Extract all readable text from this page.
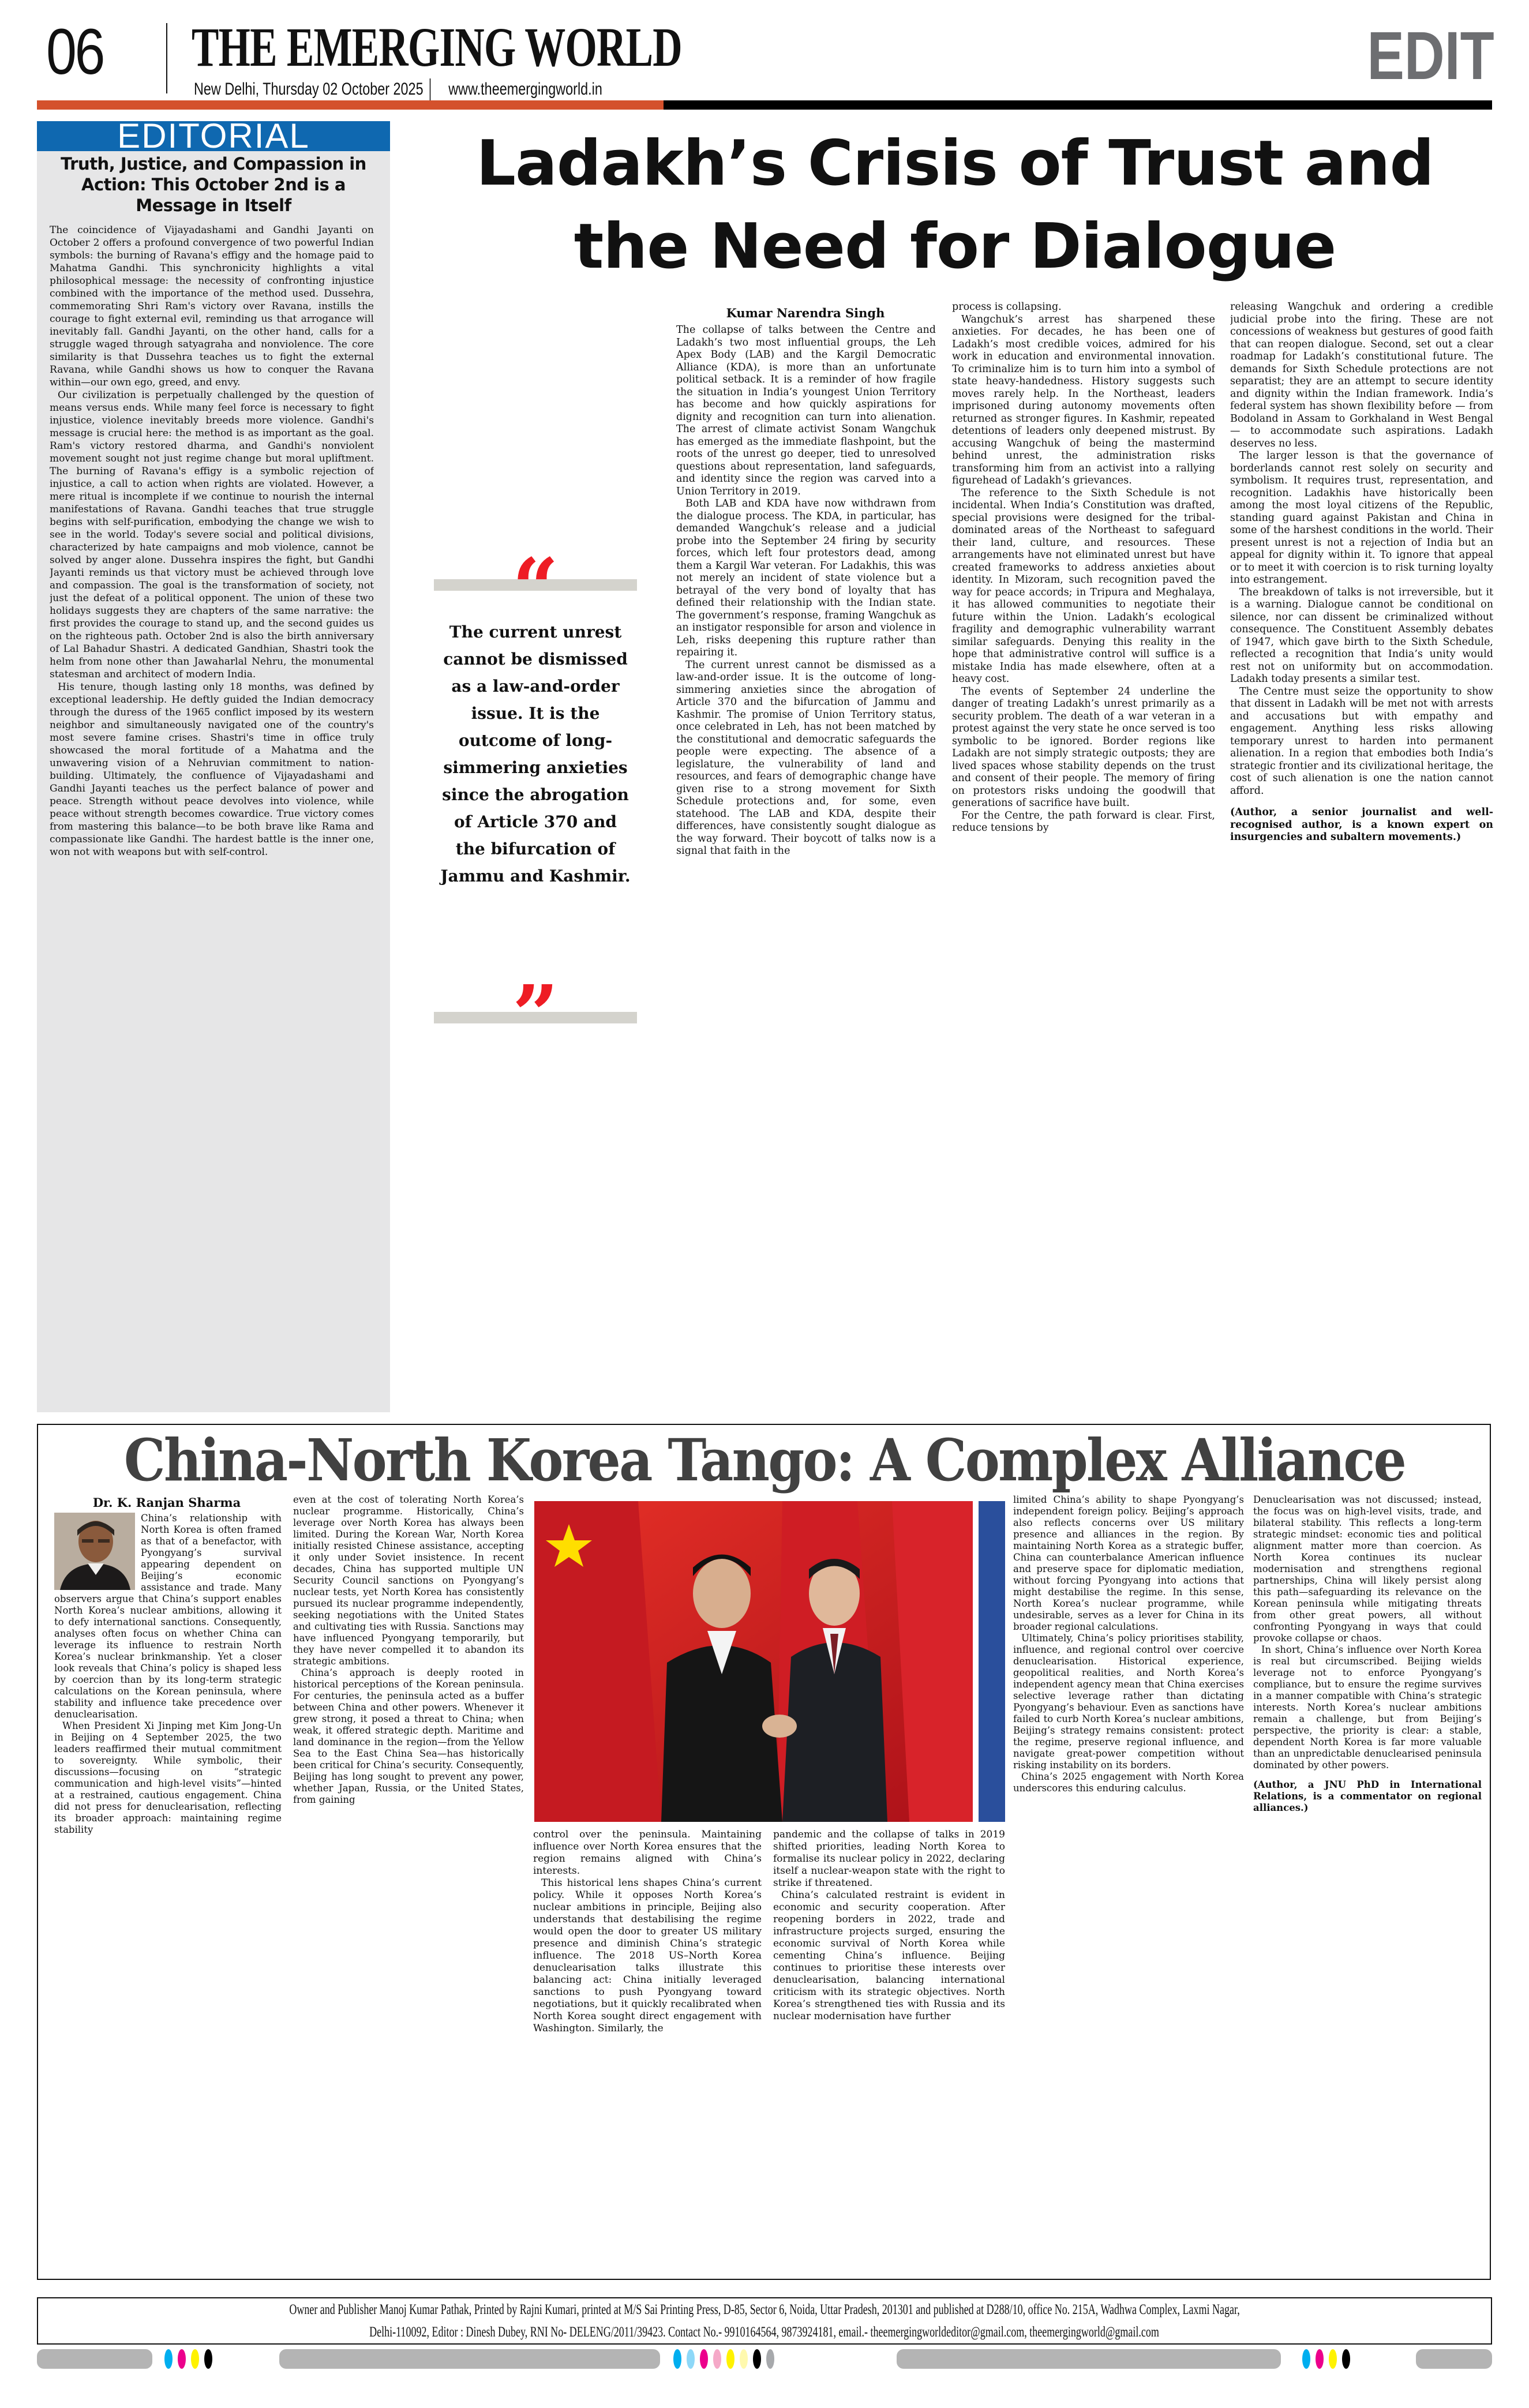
06 THE EMERGING WORLD
New Delhi, Thursday 02 October 2025 www.theemergingworld.in	EDIT
EDITORIAL
Truth, Justice, and Compassion in Action: This October 2nd is a Message in Itself

The coincidence of Vijayadashami and Gandhi Jayanti on October 2 offers a profound convergence of two powerful Indian symbols: the burning of Ravana's effigy and the homage paid to Mahatma Gandhi. This synchronicity highlights a vital philosophical message: the necessity of confronting injustice combined with the importance of the method used. Dussehra, commemorating Shri Ram's victory over Ravana, instills the courage to fight external evil, reminding us that arrogance will inevitably fall. Gandhi Jayanti, on the other hand, calls for a struggle waged through satyagraha and nonviolence. The core similarity is that Dussehra teaches us to fight the external Ravana, while Gandhi shows us how to conquer the Ravana within—our own ego, greed, and envy.

Our civilization is perpetually challenged by the question of means versus ends. While many feel force is necessary to fight injustice, violence inevitably breeds more violence. Gandhi's message is crucial here: the method is as important as the goal. Ram's victory restored dharma, and Gandhi's nonviolent movement sought not just regime change but moral upliftment. The burning of Ravana's effigy is a symbolic rejection of injustice, a call to action when rights are violated. However, a mere ritual is incomplete if we continue to nourish the internal manifestations of Ravana. Gandhi teaches that true struggle begins with self-purification, embodying the change we wish to see in the world. Today's severe social and political divisions, characterized by hate campaigns and mob violence, cannot be solved by anger alone. Dussehra inspires the fight, but Gandhi Jayanti reminds us that victory must be achieved through love and compassion. The goal is the transformation of society, not just the defeat of a political opponent. The union of these two holidays suggests they are chapters of the same narrative: the first provides the courage to stand up, and the second guides us on the righteous path. October 2nd is also the birth anniversary of Lal Bahadur Shastri. A dedicated Gandhian, Shastri took the helm from none other than Jawaharlal Nehru, the monumental statesman and architect of modern India.

His tenure, though lasting only 18 months, was defined by exceptional leadership. He deftly guided the Indian democracy through the duress of the 1965 conflict imposed by its western neighbor and simultaneously navigated one of the country's most severe famine crises. Shastri's time in office truly showcased the moral fortitude of a Mahatma and the unwavering vision of a Nehruvian commitment to nation-building. Ultimately, the confluence of Vijayadashami and Gandhi Jayanti teaches us the perfect balance of power and peace. Strength without peace devolves into violence, while peace without strength becomes cowardice. True victory comes from mastering this balance—to be both brave like Rama and compassionate like Gandhi. The hardest battle is the inner one, won not with weapons but with self-control.

Ladakh’s Crisis of Trust and the Need for Dialogue
“
The current unrest cannot be dismissed as a law-and-order issue. It is the outcome of long-simmering anxieties since the abrogation of Article 370 and the bifurcation of Jammu and Kashmir.
”
Kumar Narendra Singh

The collapse of talks between the Centre and Ladakh’s two most influential groups, the Leh Apex Body (LAB) and the Kargil Democratic Alliance (KDA), is more than an unfortunate political setback. It is a reminder of how fragile the situation in India’s youngest Union Territory has become and how quickly aspirations for dignity and recognition can turn into alienation. The arrest of climate activist Sonam Wangchuk has emerged as the immediate flashpoint, but the roots of the unrest go deeper, tied to unresolved questions about representation, land safeguards, and identity since the region was carved into a Union Territory in 2019.

Both LAB and KDA have now withdrawn from the dialogue process. The KDA, in particular, has demanded Wangchuk’s release and a judicial probe into the September 24 firing by security forces, which left four protestors dead, among them a Kargil War veteran. For Ladakhis, this was not merely an incident of state violence but a betrayal of the very bond of loyalty that has defined their relationship with the Indian state. The government’s response, framing Wangchuk as an instigator responsible for arson and violence in Leh, risks deepening this rupture rather than repairing it.

The current unrest cannot be dismissed as a law-and-order issue. It is the outcome of long-simmering anxieties since the abrogation of Article 370 and the bifurcation of Jammu and Kashmir. The promise of Union Territory status, once celebrated in Leh, has not been matched by the constitutional and democratic safeguards the people were expecting. The absence of a legislature, the vulnerability of land and resources, and fears of demographic change have given rise to a strong movement for Sixth Schedule protections and, for some, even statehood. The LAB and KDA, despite their differences, have consistently sought dialogue as the way forward. Their boycott of talks now is a signal that faith in the

process is collapsing.

Wangchuk’s arrest has sharpened these anxieties. For decades, he has been one of Ladakh’s most credible voices, admired for his work in education and environmental innovation. To criminalize him is to turn him into a symbol of state heavy-handedness. History suggests such moves rarely help. In the Northeast, leaders imprisoned during autonomy movements often returned as stronger figures. In Kashmir, repeated detentions of leaders only deepened mistrust. By accusing Wangchuk of being the mastermind behind unrest, the administration risks transforming him from an activist into a rallying figurehead of Ladakh’s grievances.

The reference to the Sixth Schedule is not incidental. When India’s Constitution was drafted, special provisions were designed for the tribal-dominated areas of the Northeast to safeguard their land, culture, and resources. These arrangements have not eliminated unrest but have created frameworks to address anxieties about identity. In Mizoram, such recognition paved the way for peace accords; in Tripura and Meghalaya, it has allowed communities to negotiate their future within the Union. Ladakh’s ecological fragility and demographic vulnerability warrant similar safeguards. Denying this reality in the hope that administrative control will suffice is a mistake India has made elsewhere, often at a heavy cost.

The events of September 24 underline the danger of treating Ladakh’s unrest primarily as a security problem. The death of a war veteran in a protest against the very state he once served is too symbolic to be ignored. Border regions like Ladakh are not simply strategic outposts; they are lived spaces whose stability depends on the trust and consent of their people. The memory of firing on protestors risks undoing the goodwill that generations of sacrifice have built.

For the Centre, the path forward is clear. First, reduce tensions by

releasing Wangchuk and ordering a credible judicial probe into the firing. These are not concessions of weakness but gestures of good faith that can reopen dialogue. Second, set out a clear roadmap for Ladakh’s constitutional future. The demands for Sixth Schedule protections are not separatist; they are an attempt to secure identity and dignity within the Indian framework. India’s federal system has shown flexibility before — from Bodoland in Assam to Gorkhaland in West Bengal — to accommodate such aspirations. Ladakh deserves no less.

The larger lesson is that the governance of borderlands cannot rest solely on security and symbolism. It requires trust, representation, and recognition. Ladakhis have historically been among the most loyal citizens of the Republic, standing guard against Pakistan and China in some of the harshest conditions in the world. Their present unrest is not a rejection of India but an appeal for dignity within it. To ignore that appeal or to meet it with coercion is to risk turning loyalty into estrangement.

The breakdown of talks is not irreversible, but it is a warning. Dialogue cannot be conditional on silence, nor can dissent be criminalized without consequence. The Constituent Assembly debates of 1947, which gave birth to the Sixth Schedule, reflected a recognition that India’s unity would rest not on uniformity but on accommodation. Ladakh today presents a similar test.

The Centre must seize the opportunity to show that dissent in Ladakh will be met not with arrests and accusations but with empathy and engagement. Anything less risks allowing temporary unrest to harden into permanent alienation. In a region that embodies both India’s strategic frontier and its civilizational heritage, the cost of such alienation is one the nation cannot afford.

(Author, a senior journalist and well-recognised author, is a known expert on insurgencies and subaltern movements.)

China-North Korea Tango: A Complex Alliance
Dr. K. Ranjan Sharma

China’s relationship with North Korea is often framed as that of a benefactor, with Pyongyang’s survival appearing dependent on Beijing’s economic assistance and trade. Many observers argue that China’s support enables North Korea’s nuclear ambitions, allowing it to defy international sanctions. Consequently, analyses often focus on whether China can leverage its influence to restrain North Korea’s nuclear brinkmanship. Yet a closer look reveals that China’s policy is shaped less by coercion than by its long-term strategic calculations on the Korean peninsula, where stability and influence take precedence over denuclearisation.

When President Xi Jinping met Kim Jong-Un in Beijing on 4 September 2025, the two leaders reaffirmed their mutual commitment to sovereignty. While symbolic, their discussions—focusing on “strategic communication and high-level visits”—hinted at a restrained, cautious engagement. China did not press for denuclearisation, reflecting its broader approach: maintaining regime stability

even at the cost of tolerating North Korea’s nuclear programme. Historically, China’s leverage over North Korea has always been limited. During the Korean War, North Korea initially resisted Chinese assistance, accepting it only under Soviet insistence. In recent decades, China has supported multiple UN Security Council sanctions on Pyongyang’s nuclear tests, yet North Korea has consistently pursued its nuclear programme independently, seeking negotiations with the United States and cultivating ties with Russia. Sanctions may have influenced Pyongyang temporarily, but they have never compelled it to abandon its strategic ambitions.

China’s approach is deeply rooted in historical perceptions of the Korean peninsula. For centuries, the peninsula acted as a buffer between China and other powers. Whenever it grew strong, it posed a threat to China; when weak, it offered strategic depth. Maritime and land dominance in the region—from the Yellow Sea to the East China Sea—has historically been critical for China’s security. Consequently, Beijing has long sought to prevent any power, whether Japan, Russia, or the United States, from gaining

control over the peninsula. Maintaining influence over North Korea ensures that the region remains aligned with China’s interests.

This historical lens shapes China’s current policy. While it opposes North Korea’s nuclear ambitions in principle, Beijing also understands that destabilising the regime would open the door to greater US military presence and diminish China’s strategic influence. The 2018 US–North Korea denuclearisation talks illustrate this balancing act: China initially leveraged sanctions to push Pyongyang toward negotiations, but it quickly recalibrated when North Korea sought direct engagement with Washington. Similarly, the

pandemic and the collapse of talks in 2019 shifted priorities, leading North Korea to formalise its nuclear policy in 2022, declaring itself a nuclear-weapon state with the right to strike if threatened.

China’s calculated restraint is evident in economic and security cooperation. After reopening borders in 2022, trade and infrastructure projects surged, ensuring the economic survival of North Korea while cementing China’s influence. Beijing continues to prioritise these interests over denuclearisation, balancing international criticism with its strategic objectives. North Korea’s strengthened ties with Russia and its nuclear modernisation have further

limited China’s ability to shape Pyongyang’s independent foreign policy. Beijing’s approach also reflects concerns over US military presence and alliances in the region. By maintaining North Korea as a strategic buffer, China can counterbalance American influence and preserve space for diplomatic mediation, without forcing Pyongyang into actions that might destabilise the regime. In this sense, North Korea’s nuclear programme, while undesirable, serves as a lever for China in its broader regional calculations.

Ultimately, China’s policy prioritises stability, influence, and regional control over coercive denuclearisation. Historical experience, geopolitical realities, and North Korea’s independent agency mean that China exercises selective leverage rather than dictating Pyongyang’s behaviour. Even as sanctions have failed to curb North Korea’s nuclear ambitions, Beijing’s strategy remains consistent: protect the regime, preserve regional influence, and navigate great-power competition without risking instability on its borders.

China’s 2025 engagement with North Korea underscores this enduring calculus.

Denuclearisation was not discussed; instead, the focus was on high-level visits, trade, and bilateral stability. This reflects a long-term strategic mindset: economic ties and political alignment matter more than coercion. As North Korea continues its nuclear modernisation and strengthens regional partnerships, China will likely persist along this path—safeguarding its relevance on the Korean peninsula while mitigating threats from other great powers, all without confronting Pyongyang in ways that could provoke collapse or chaos.

In short, China’s influence over North Korea is real but circumscribed. Beijing wields leverage not to enforce Pyongyang’s compliance, but to ensure the regime survives in a manner compatible with China’s strategic interests. North Korea’s nuclear ambitions remain a challenge, but from Beijing’s perspective, the priority is clear: a stable, dependent North Korea is far more valuable than an unpredictable denuclearised peninsula dominated by other powers.

(Author, a JNU PhD in International Relations, is a commentator on regional alliances.)

Owner and Publisher Manoj Kumar Pathak, Printed by Rajni Kumari, printed at M/S Sai Printing Press, D-85, Sector 6, Noida, Uttar Pradesh, 201301 and published at D288/10, office No. 215A, Wadhwa Complex, Laxmi Nagar,
Delhi-110092, Editor : Dinesh Dubey, RNI No- DELENG/2011/39423. Contact No.- 9910164564, 9873924181, email.- theemergingworldeditor@gmail.com, theemergingworld@gmail.com
